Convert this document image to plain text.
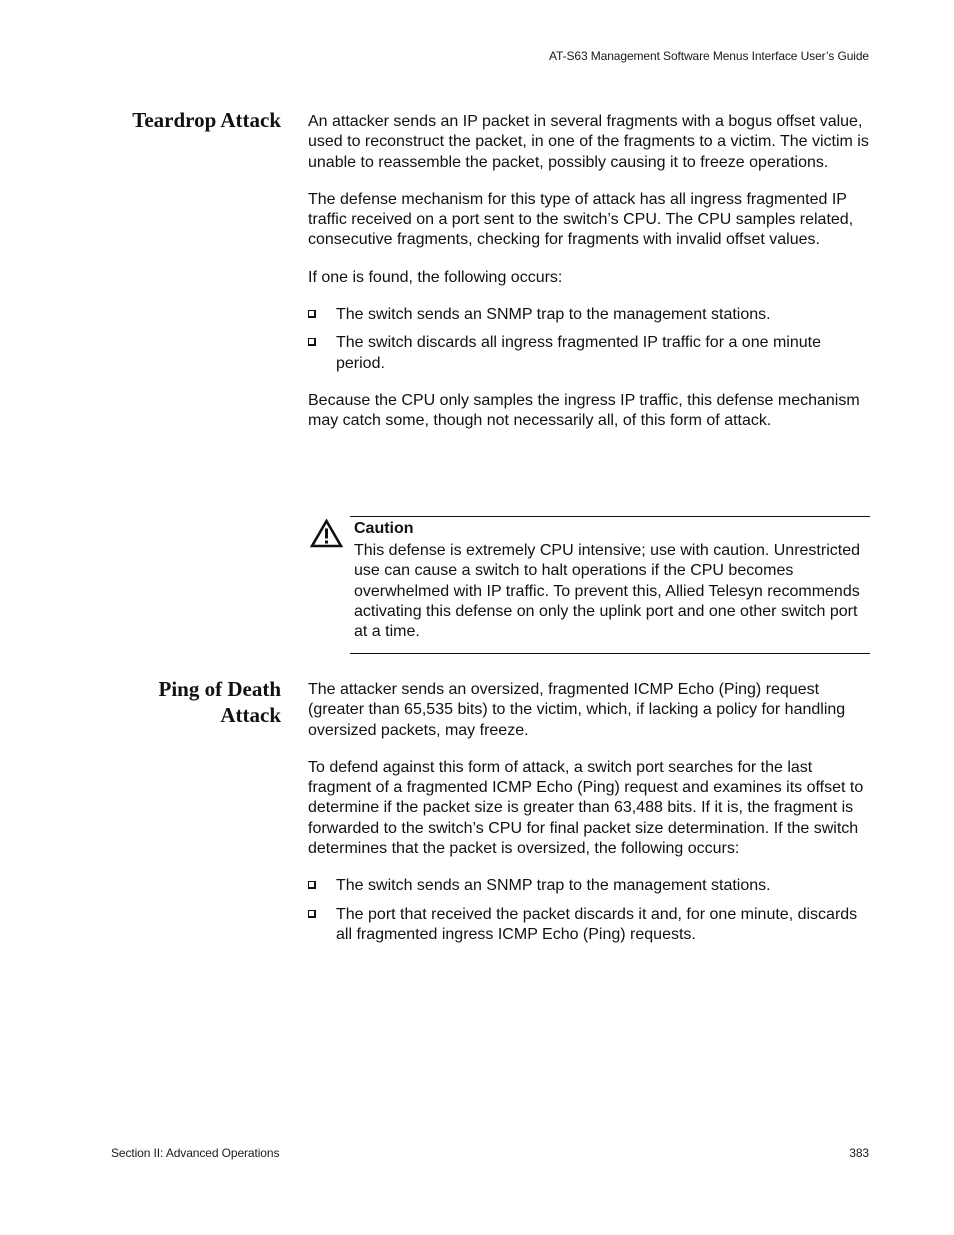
AT-S63 Management Software Menus Interface User’s Guide
Teardrop Attack An attacker sends an IP packet in several fragments with a bogus offset value, used to reconstruct the packet, in one of the fragments to a victim. The victim is unable to reassemble the packet, possibly causing it to freeze operations.

The defense mechanism for this type of attack has all ingress fragmented IP traffic received on a port sent to the switch’s CPU. The CPU samples related, consecutive fragments, checking for fragments with invalid offset values.

If one is found, the following occurs:

The switch sends an SNMP trap to the management stations.
The switch discards all ingress fragmented IP traffic for a one minute period.

Because the CPU only samples the ingress IP traffic, this defense mechanism may catch some, though not necessarily all, of this form of attack.

Caution
This defense is extremely CPU intensive; use with caution. Unrestricted use can cause a switch to halt operations if the CPU becomes overwhelmed with IP traffic. To prevent this, Allied Telesyn recommends activating this defense on only the uplink port and one other switch port at a time.
Ping of Death
Attack

The attacker sends an oversized, fragmented ICMP Echo (Ping) request (greater than 65,535 bits) to the victim, which, if lacking a policy for handling oversized packets, may freeze.

To defend against this form of attack, a switch port searches for the last fragment of a fragmented ICMP Echo (Ping) request and examines its offset to determine if the packet size is greater than 63,488 bits. If it is, the fragment is forwarded to the switch’s CPU for final packet size determination. If the switch determines that the packet is oversized, the following occurs:

The switch sends an SNMP trap to the management stations.
The port that received the packet discards it and, for one minute, discards all fragmented ingress ICMP Echo (Ping) requests.
Section II: Advanced Operations	383
